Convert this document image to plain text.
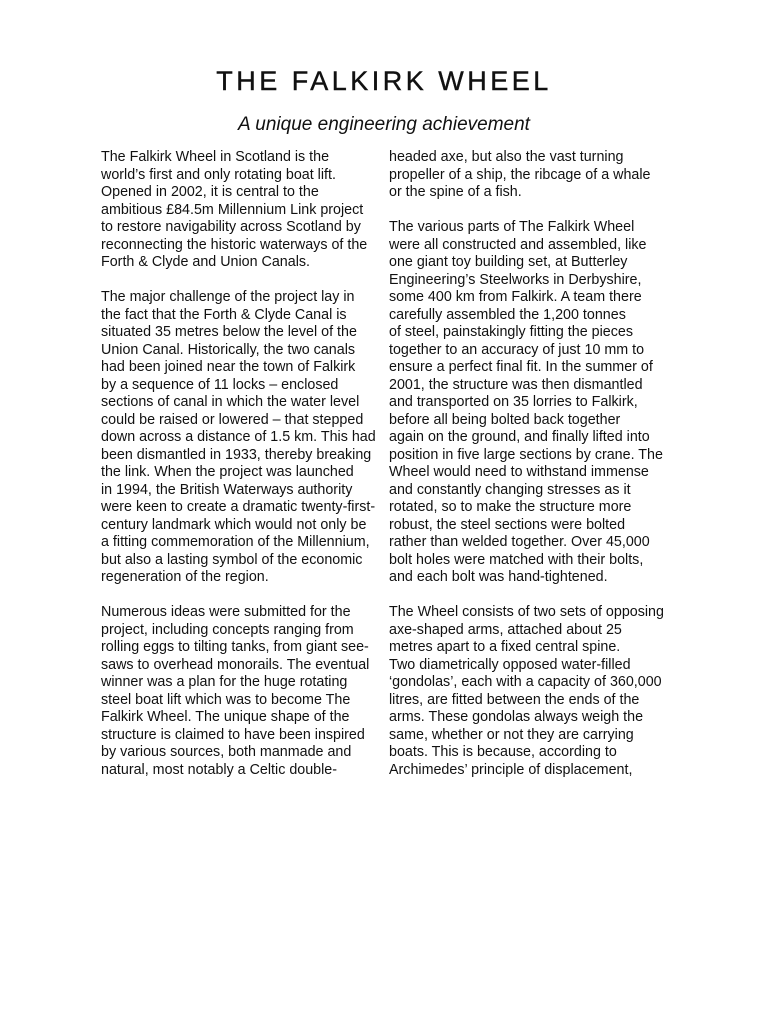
THE FALKIRK WHEEL

A unique engineering achievement

The Falkirk Wheel in Scotland is the
world’s first and only rotating boat lift.
Opened in 2002, it is central to the
ambitious £84.5m Millennium Link project
to restore navigability across Scotland by
reconnecting the historic waterways of the
Forth & Clyde and Union Canals.

The major challenge of the project lay in
the fact that the Forth & Clyde Canal is
situated 35 metres below the level of the
Union Canal. Historically, the two canals
had been joined near the town of Falkirk
by a sequence of 11 locks – enclosed
sections of canal in which the water level
could be raised or lowered – that stepped
down across a distance of 1.5 km. This had
been dismantled in 1933, thereby breaking
the link. When the project was launched
in 1994, the British Waterways authority
were keen to create a dramatic twenty-first-
century landmark which would not only be
a fitting commemoration of the Millennium,
but also a lasting symbol of the economic
regeneration of the region.

Numerous ideas were submitted for the
project, including concepts ranging from
rolling eggs to tilting tanks, from giant see-
saws to overhead monorails. The eventual
winner was a plan for the huge rotating
steel boat lift which was to become The
Falkirk Wheel. The unique shape of the
structure is claimed to have been inspired
by various sources, both manmade and
natural, most notably a Celtic double-

headed axe, but also the vast turning
propeller of a ship, the ribcage of a whale
or the spine of a fish.

The various parts of The Falkirk Wheel
were all constructed and assembled, like
one giant toy building set, at Butterley
Engineering’s Steelworks in Derbyshire,
some 400 km from Falkirk. A team there
carefully assembled the 1,200 tonnes
of steel, painstakingly fitting the pieces
together to an accuracy of just 10 mm to
ensure a perfect final fit. In the summer of
2001, the structure was then dismantled
and transported on 35 lorries to Falkirk,
before all being bolted back together
again on the ground, and finally lifted into
position in five large sections by crane. The
Wheel would need to withstand immense
and constantly changing stresses as it
rotated, so to make the structure more
robust, the steel sections were bolted
rather than welded together. Over 45,000
bolt holes were matched with their bolts,
and each bolt was hand-tightened.

The Wheel consists of two sets of opposing
axe-shaped arms, attached about 25
metres apart to a fixed central spine.
Two diametrically opposed water-filled
‘gondolas’, each with a capacity of 360,000
litres, are fitted between the ends of the
arms. These gondolas always weigh the
same, whether or not they are carrying
boats. This is because, according to
Archimedes’ principle of displacement,
